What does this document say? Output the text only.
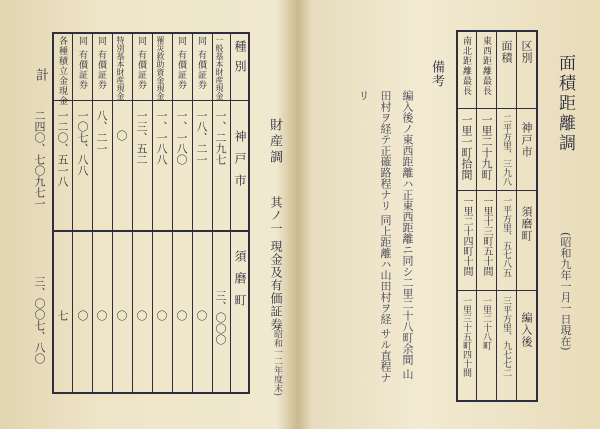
面積距離調
(昭和九年一月一日現在)
区別
面積
東西距離最長
南北距離最長
神戸市
二平方里、三九八
一里二十九町
一里一町拾間
須磨町
一平方里、五七八五
一里十三町五十間
一里二十四町十間
編入後
三平方里、九七七二
一里二十八町
一里三十五町四十間
備考
編入後ノ東西距離ハ正東西距離ニ同シ二里二十八町余間 山田村ヲ経テ正確路程ナリ 同上距離ハ山田村ヲ経 サル直程ナリ
財産調
其ノ一 現金及有価証券
(昭和一二年度末)
種別
神戸市
須磨町
一般基本財産現金
一、二九七
三、〇〇〇
同 有價証券
一八、二一
〇
同 有價証券
一、一八〇
〇
罹災救助資金現金
一、一八八
〇
同 有價証券
一三、五二
〇
特別基本財産現金
〇
〇
同 有價証券
八、二一
〇
同 有價証券
一〇七、八八
〇
各種積立金現金
一二〇、五一八
七
計
二四〇、七〇九七一
三、〇〇七、八〇
